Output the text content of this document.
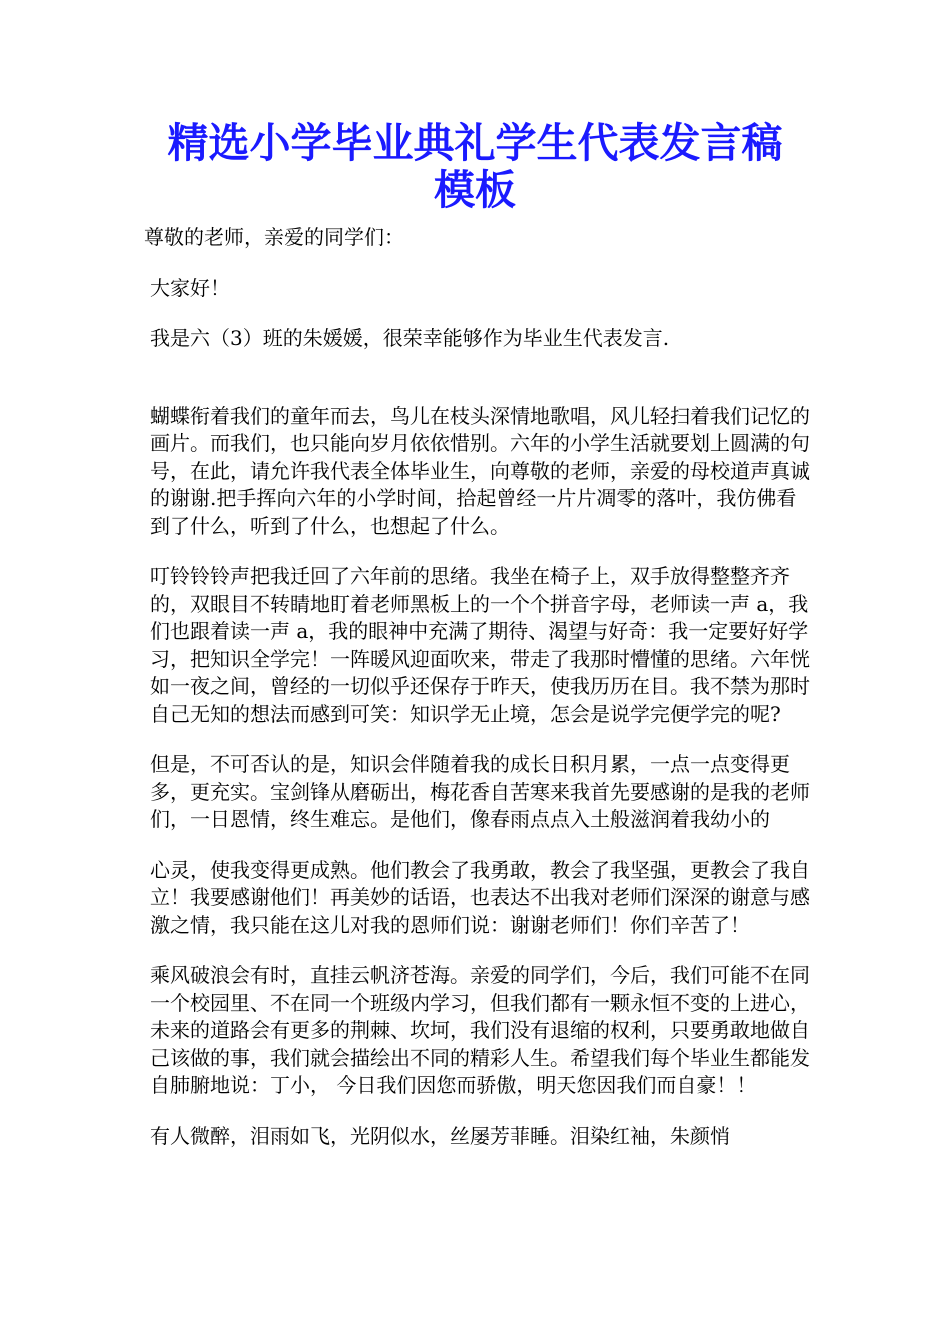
精选小学毕业典礼学生代表发言稿
模板

尊敬的老师，亲爱的同学们：

大家好！

我是六（3）班的朱媛媛，很荣幸能够作为毕业生代表发言.

蝴蝶衔着我们的童年而去，鸟儿在枝头深情地歌唱，风儿轻扫着我们记忆的画片。而我们，也只能向岁月依依惜别。六年的小学生活就要划上圆满的句号，在此，请允许我代表全体毕业生，向尊敬的老师，亲爱的母校道声真诚的谢谢.把手挥向六年的小学时间，拾起曾经一片片凋零的落叶，我仿佛看到了什么，听到了什么，也想起了什么。

叮铃铃铃声把我迁回了六年前的思绪。我坐在椅子上，双手放得整整齐齐的，双眼目不转睛地盯着老师黑板上的一个个拼音字母，老师读一声 a，我们也跟着读一声 a，我的眼神中充满了期待、渴望与好奇：我一定要好好学习，把知识全学完！一阵暖风迎面吹来，带走了我那时懵懂的思绪。六年恍如一夜之间，曾经的一切似乎还保存于昨天，使我历历在目。我不禁为那时自己无知的想法而感到可笑：知识学无止境，怎会是说学完便学完的呢?

但是，不可否认的是，知识会伴随着我的成长日积月累，一点一点变得更多，更充实。宝剑锋从磨砺出，梅花香自苦寒来我首先要感谢的是我的老师们，一日恩情，终生难忘。是他们，像春雨点点入土般滋润着我幼小的

心灵，使我变得更成熟。他们教会了我勇敢，教会了我坚强，更教会了我自立！我要感谢他们！再美妙的话语，也表达不出我对老师们深深的谢意与感激之情，我只能在这儿对我的恩师们说：谢谢老师们！你们辛苦了！

乘风破浪会有时，直挂云帆济苍海。亲爱的同学们，今后，我们可能不在同一个校园里、不在同一个班级内学习，但我们都有一颗永恒不变的上进心，未来的道路会有更多的荆棘、坎坷，我们没有退缩的权利，只要勇敢地做自己该做的事，我们就会描绘出不同的精彩人生。希望我们每个毕业生都能发自肺腑地说：丁小， 今日我们因您而骄傲，明天您因我们而自豪！！

有人微醉，泪雨如飞，光阴似水，丝屡芳菲睡。泪染红袖，朱颜悄
